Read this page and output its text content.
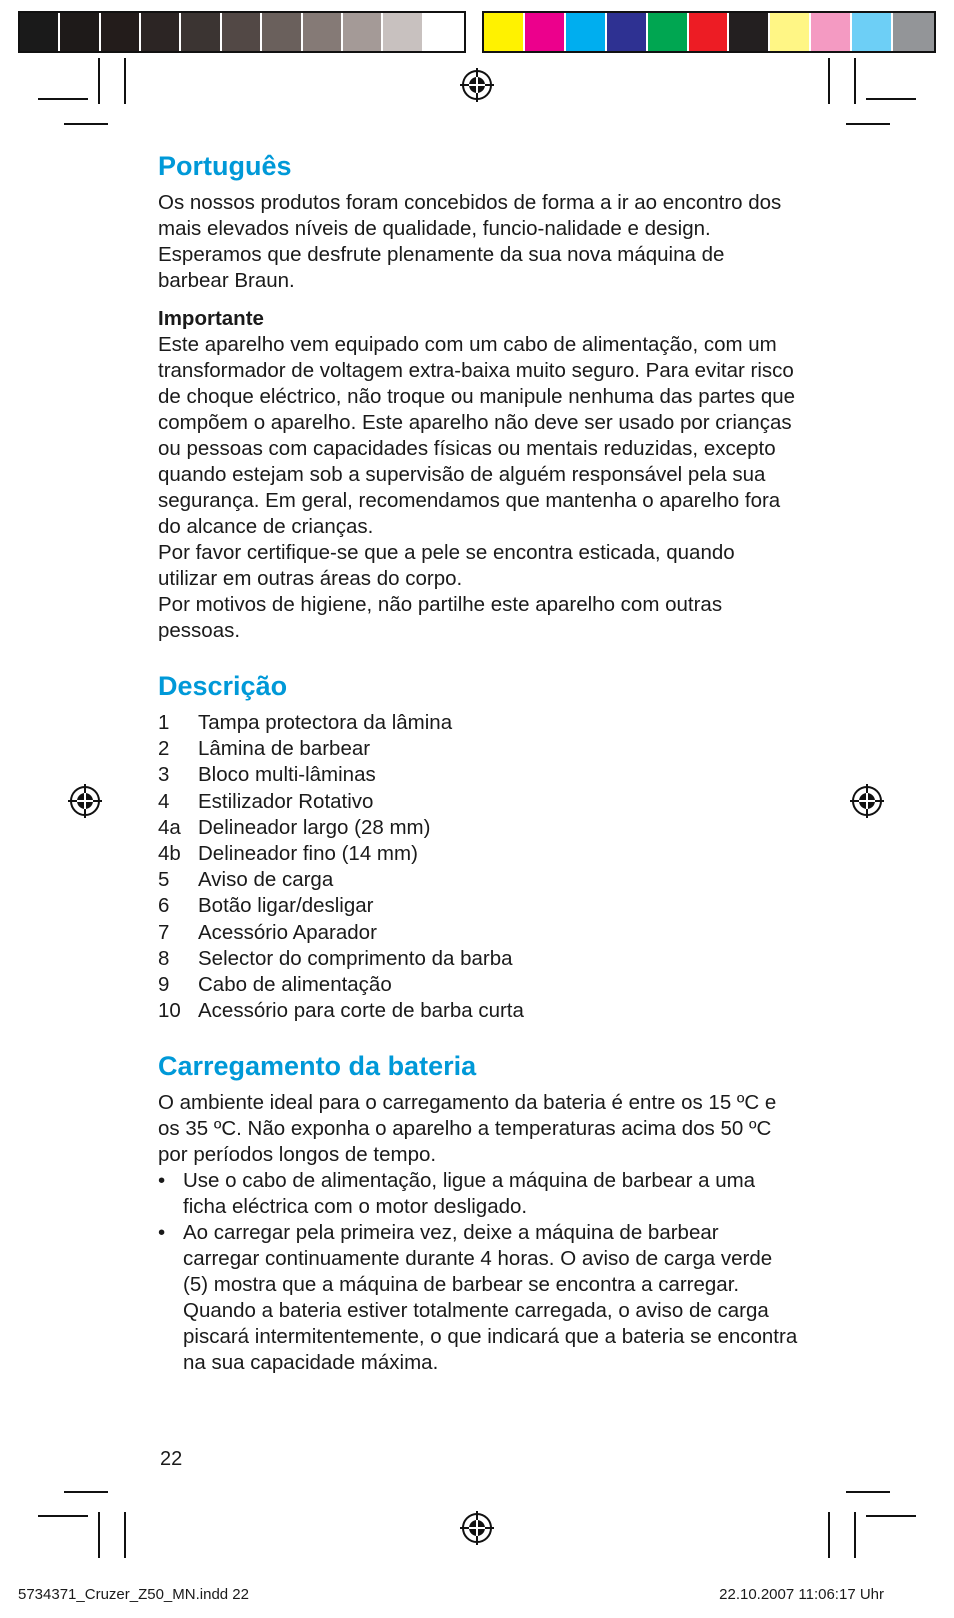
Português

Os nossos produtos foram concebidos de forma a ir ao encontro dos mais elevados níveis de qualidade, funcio-nalidade e design. Esperamos que desfrute plenamente da sua nova máquina de barbear Braun.

Importante

Este aparelho vem equipado com um cabo de alimentação, com um transformador de voltagem extra-baixa muito seguro. Para evitar risco de choque eléctrico, não troque ou manipule nenhuma das partes que compõem o aparelho. Este aparelho não deve ser usado por crianças ou pessoas com capacidades físicas ou mentais reduzidas, excepto quando estejam sob a supervisão de alguém responsável pela sua segurança. Em geral, recomendamos que mantenha o aparelho fora do alcance de crianças.

Por favor certifique-se que a pele se encontra esticada, quando utilizar em outras áreas do corpo.

Por motivos de higiene, não partilhe este aparelho com outras pessoas.

Descrição
1	Tampa protectora da lâmina
2	Lâmina de barbear
3	Bloco multi-lâminas
4	Estilizador Rotativo
4a Delineador largo (28 mm)
4b Delineador fino (14 mm)
5	Aviso de carga
6	Botão ligar/desligar
7	Acessório Aparador
8	Selector do comprimento da barba
9	Cabo de alimentação
10 Acessório para corte de barba curta
Carregamento da bateria

O ambiente ideal para o carregamento da bateria é entre os 15 ºC e os 35 ºC. Não exponha o aparelho a temperaturas acima dos 50 ºC por períodos longos de tempo.

• Use o cabo de alimentação, ligue a máquina de barbear a uma ficha eléctrica com o motor desligado.
• Ao carregar pela primeira vez, deixe a máquina de barbear carregar continuamente durante 4 horas. O aviso de carga verde (5) mostra que a máquina de barbear se encontra a carregar. Quando a bateria estiver totalmente carregada, o aviso de carga piscará intermitentemente, o que indicará que a bateria se encontra na sua capacidade máxima.
22
5734371_Cruzer_Z50_MN.indd 22	22.10.2007 11:06:17 Uhr
